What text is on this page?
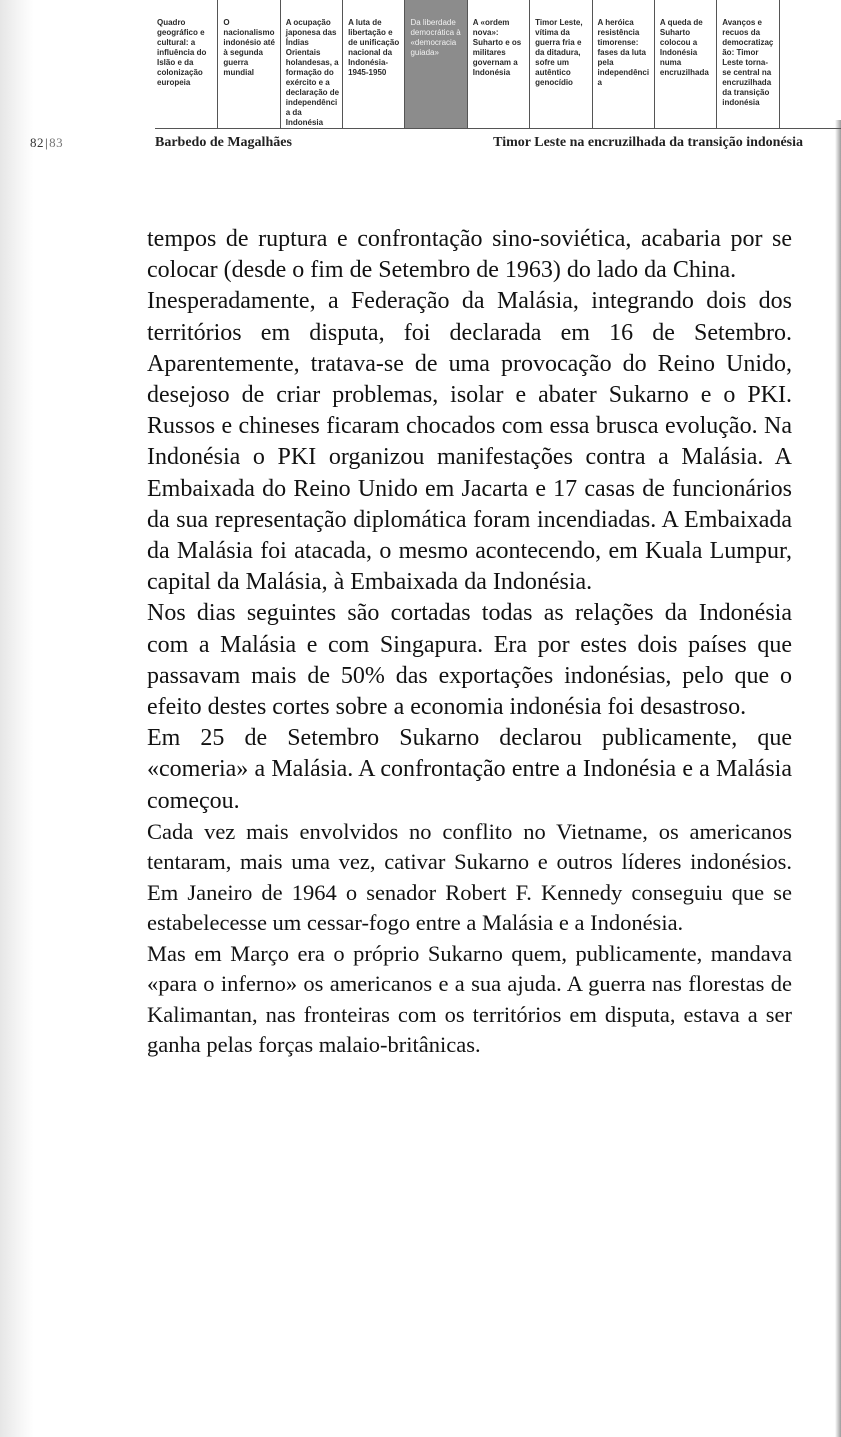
Quadro geográfico e cultural: a influência do Islão e da colonização europeia
O nacionalismo indonésio até à segunda guerra mundial
A ocupação japonesa das Índias Orientais holandesas, a formação do exército e a declaração de independência da Indonésia
A luta de libertação e de unificação nacional da Indonésia-1945-1950
Da liberdade democrática à «democracia guiada»
A «ordem nova»: Suharto e os militares governam a Indonésia
Timor Leste, vítima da guerra fria e da ditadura, sofre um autêntico genocídio
A heróica resistência timorense: fases da luta pela independência
A queda de Suharto colocou a Indonésia numa encruzilhada
Avanços e recuos da democratização: Timor Leste torna-se central na encruzilhada da transição indonésia
82|83	Barbedo de Magalhães	Timor Leste na encruzilhada da transição indonésia

tempos de ruptura e confrontação sino-soviética, acabaria por se colocar (desde o fim de Setembro de 1963) do lado da China.

Inesperadamente, a Federação da Malásia, integrando dois dos territórios em disputa, foi declarada em 16 de Setembro. Aparentemente, tratava-se de uma provocação do Reino Unido, desejoso de criar problemas, isolar e abater Sukarno e o PKI. Russos e chineses ficaram chocados com essa brusca evolução. Na Indonésia o PKI organizou manifestações contra a Malásia. A Embaixada do Reino Unido em Jacarta e 17 casas de funcionários da sua representação diplomática foram incendiadas. A Embaixada da Malásia foi atacada, o mesmo acontecendo, em Kuala Lumpur, capital da Malásia, à Embaixada da Indonésia.

Nos dias seguintes são cortadas todas as relações da Indonésia com a Malásia e com Singapura. Era por estes dois países que passavam mais de 50% das exportações indonésias, pelo que o efeito destes cortes sobre a economia indonésia foi desastroso.

Em 25 de Setembro Sukarno declarou publicamente, que «comeria» a Malásia. A confrontação entre a Indonésia e a Malásia começou.

Cada vez mais envolvidos no conflito no Vietname, os americanos tentaram, mais uma vez, cativar Sukarno e outros líderes indonésios. Em Janeiro de 1964 o senador Robert F. Kennedy conseguiu que se estabelecesse um cessar-fogo entre a Malásia e a Indonésia.

Mas em Março era o próprio Sukarno quem, publicamente, mandava «para o inferno» os americanos e a sua ajuda. A guerra nas florestas de Kalimantan, nas fronteiras com os territórios em disputa, estava a ser ganha pelas forças malaio-britânicas.
